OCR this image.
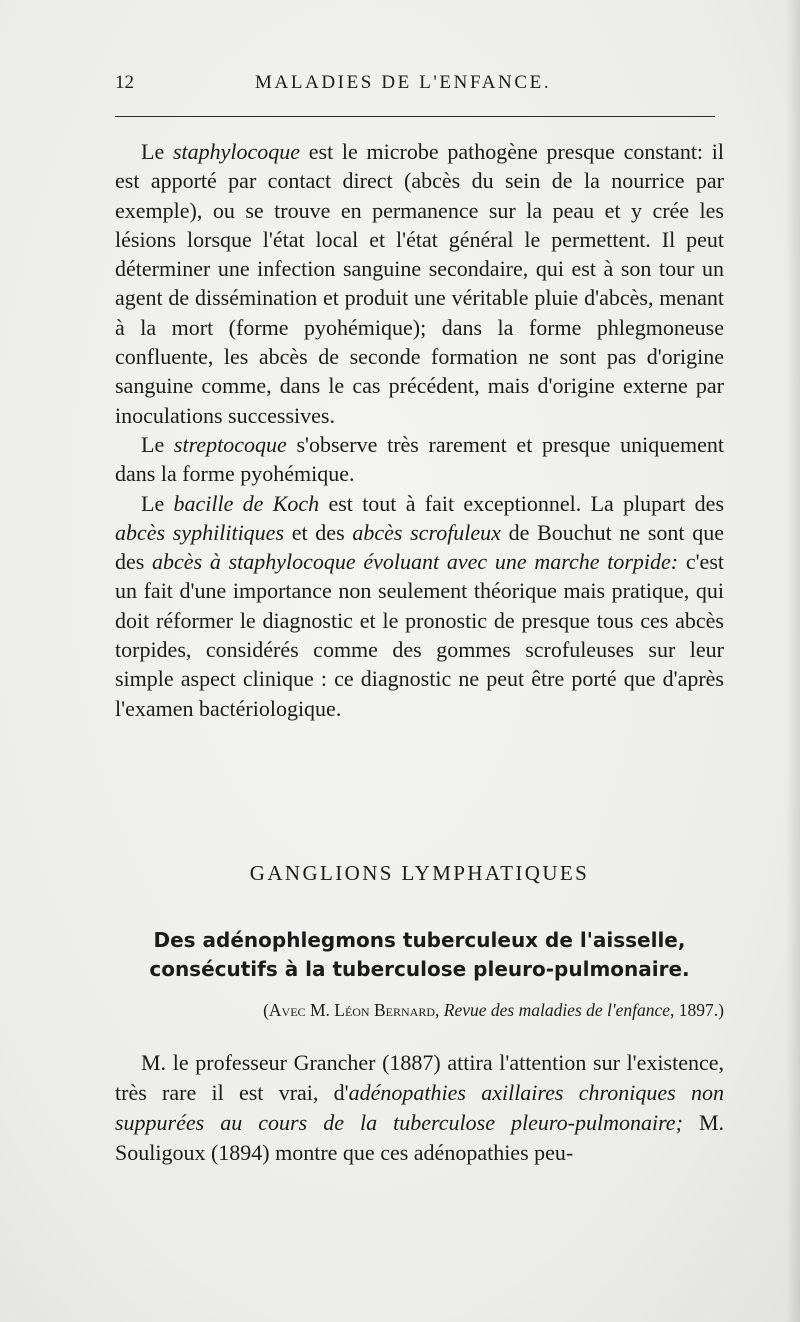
12	MALADIES DE L'ENFANCE.

Le staphylocoque est le microbe pathogène presque constant: il est apporté par contact direct (abcès du sein de la nourrice par exemple), ou se trouve en permanence sur la peau et y crée les lésions lorsque l'état local et l'état général le permettent. Il peut déterminer une infection sanguine secondaire, qui est à son tour un agent de dissémination et produit une véritable pluie d'abcès, menant à la mort (forme pyohémique); dans la forme phlegmoneuse confluente, les abcès de seconde formation ne sont pas d'origine sanguine comme, dans le cas précédent, mais d'origine externe par inoculations successives.

Le streptocoque s'observe très rarement et presque uniquement dans la forme pyohémique.

Le bacille de Koch est tout à fait exceptionnel. La plupart des abcès syphilitiques et des abcès scrofuleux de Bouchut ne sont que des abcès à staphylocoque évoluant avec une marche torpide: c'est un fait d'une importance non seulement théorique mais pratique, qui doit réformer le diagnostic et le pronostic de presque tous ces abcès torpides, considérés comme des gommes scrofuleuses sur leur simple aspect clinique : ce diagnostic ne peut être porté que d'après l'examen bactériologique.

GANGLIONS LYMPHATIQUES
Des adénophlegmons tuberculeux de l'aisselle,
consécutifs à la tuberculose pleuro-pulmonaire.
(Avec M. Léon Bernard, Revue des maladies de l'enfance, 1897.)

M. le professeur Grancher (1887) attira l'attention sur l'existence, très rare il est vrai, d'adénopathies axillaires chroniques non suppurées au cours de la tuberculose pleuro-pulmonaire; M. Souligoux (1894) montre que ces adénopathies peu-
